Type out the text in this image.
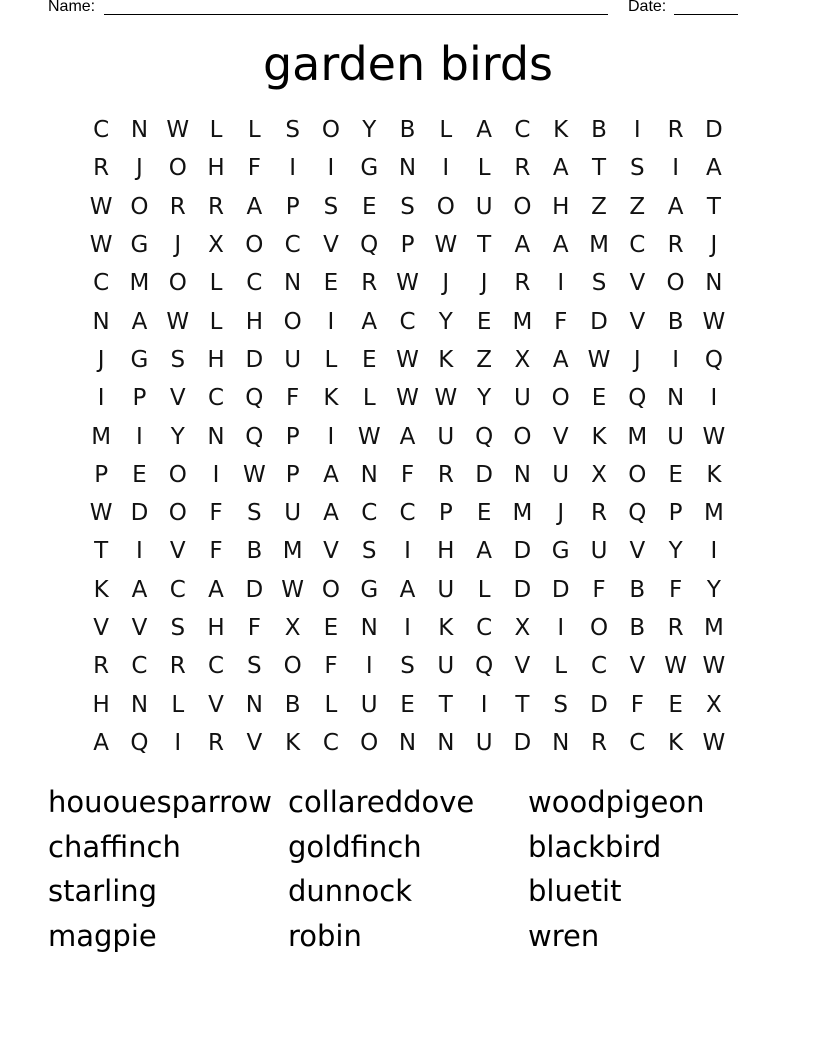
Name:	Date:
garden birds
C N W L	L	S O Y	B	L	A C K B	I	R D
R	J	O H	F	I	I	G N	I	L	R A	T	S	I	A
W O R R A	P	S	E	S O U O H Z Z A	T
W G	J	X O C V Q P W T	A A M C R	J
C M O L	C N E	R W	J	J	R	I	S	V O N
N A W L	H O	I	A C	Y	E M F D V B W
J	G S H D U	L	E W K Z X A W	J	I	Q
I	P	V C Q F	K	L W W Y U O E Q N	I
M	I	Y N Q P	I	W A U Q O V K M U W
P	E O	I	W P	A N	F	R D N U X O E	K
W D O F	S U A C C	P	E M	J	R Q P M
T	I	V	F	B M V	S	I	H A D G U V	Y	I
K A C A D W O G A U	L	D D F	B	F	Y
V V	S H	F	X	E N	I	K C X	I	O B R M
R C R C S O F	I	S U Q V	L	C V W W
H N	L	V N B	L	U E	T	I	T	S D F	E	X
A Q	I	R V K C O N N U D N R C K W
hououesparrow collareddove	woodpigeon
chaffinch	goldfinch	blackbird
starling	dunnock	bluetit
magpie	robin	wren
